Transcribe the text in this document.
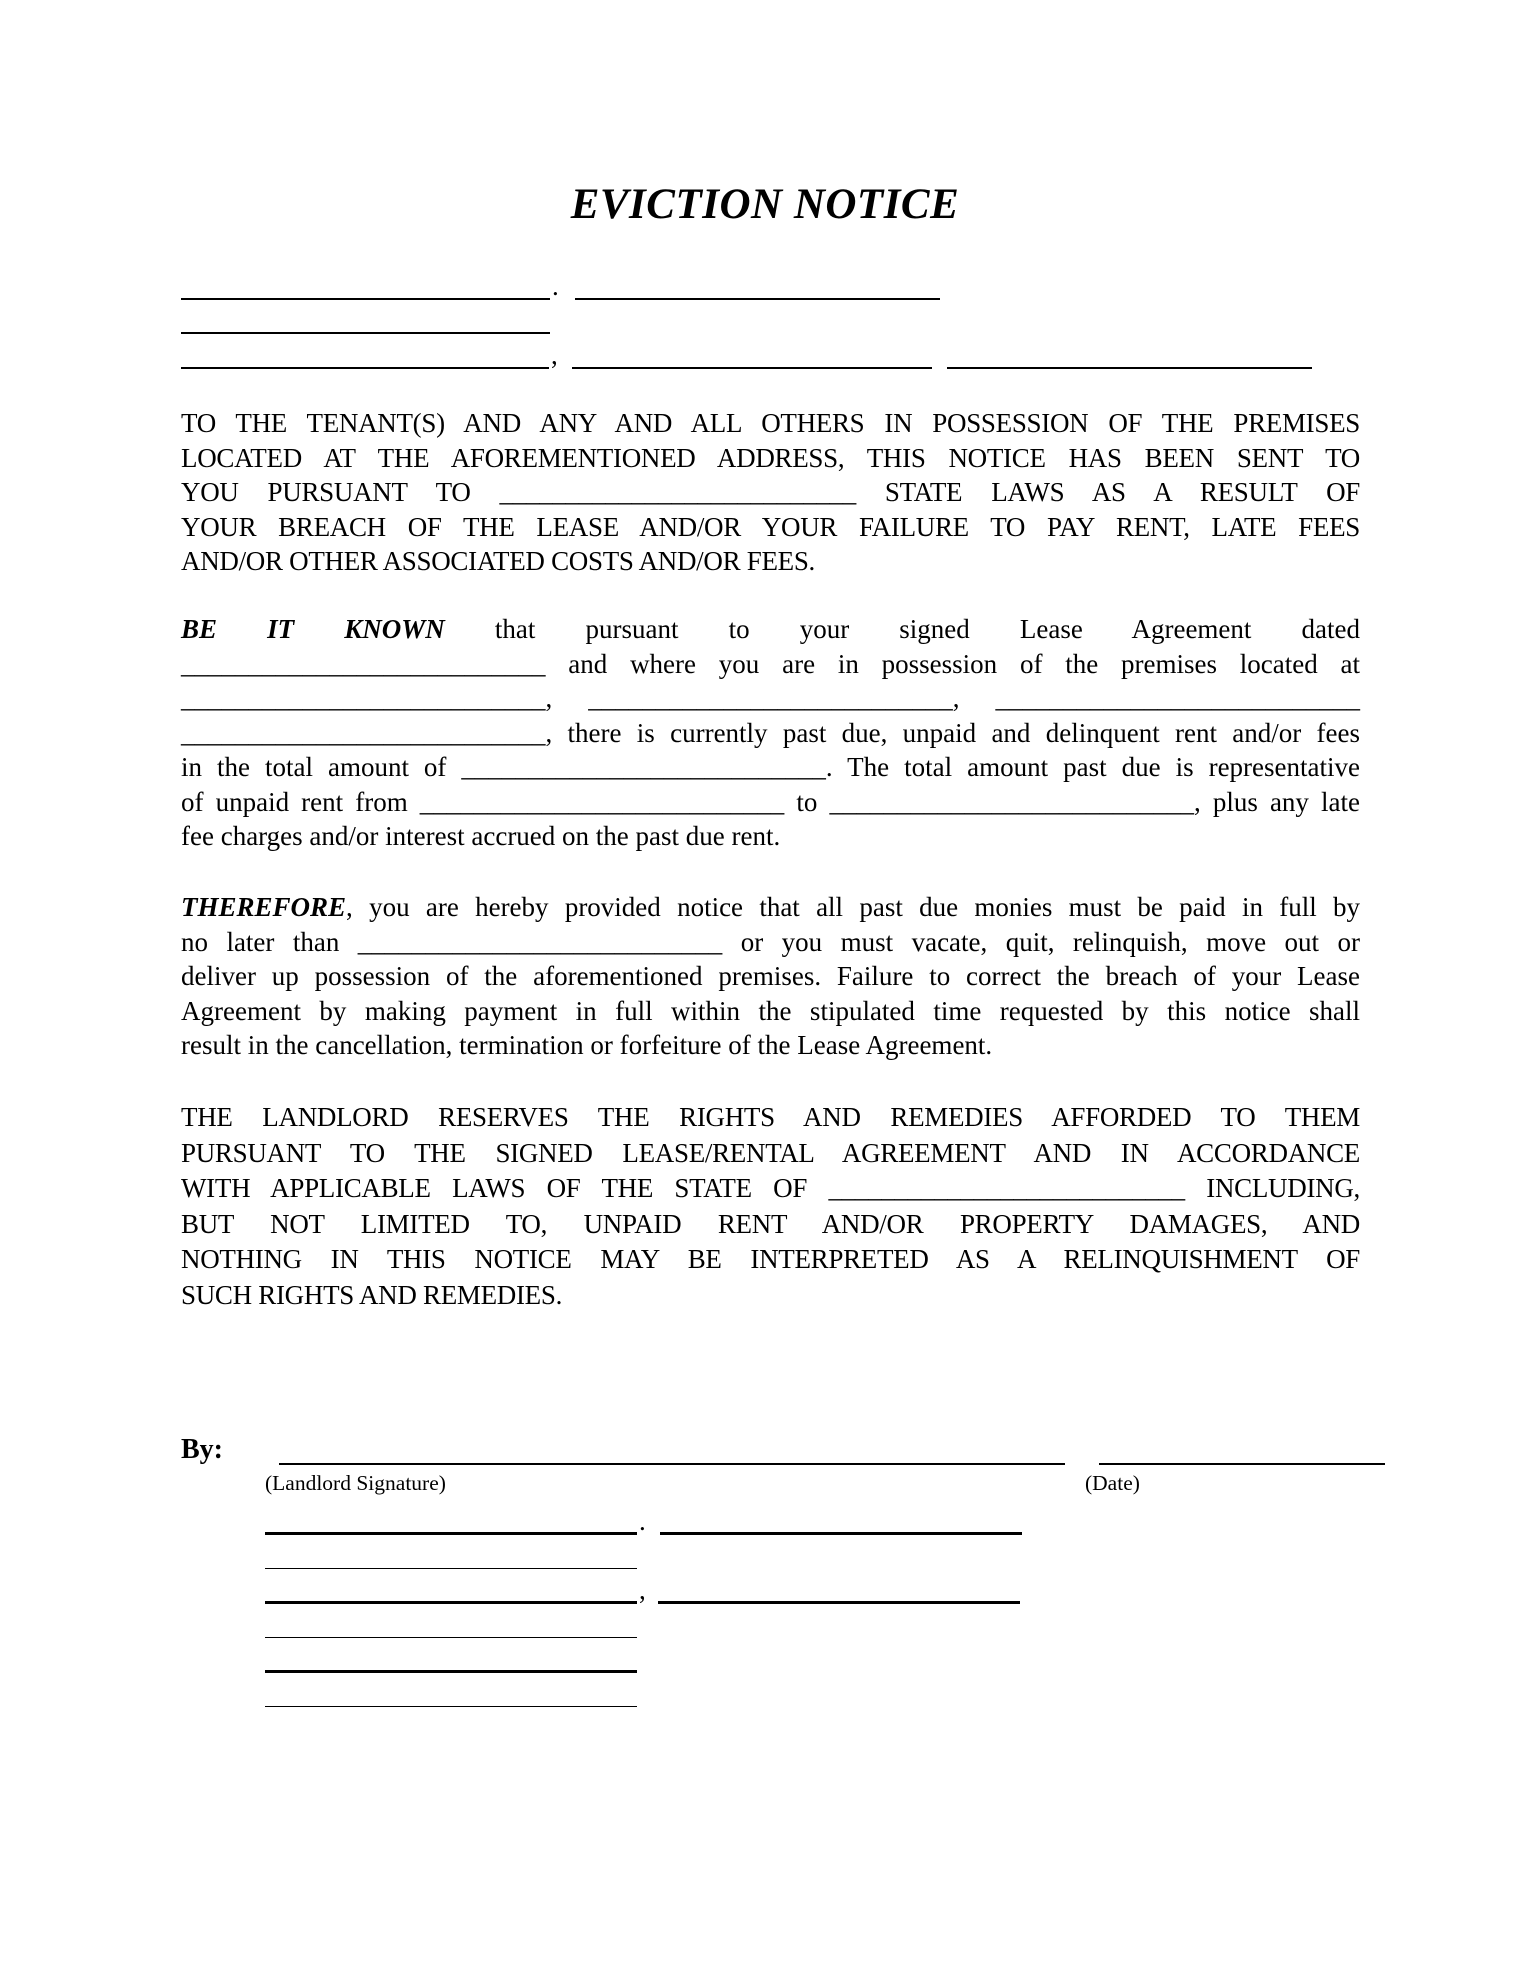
EVICTION NOTICE
.
,
TO THE TENANT(S) AND ANY AND ALL OTHERS IN POSSESSION OF THE PREMISES
LOCATED AT THE AFOREMENTIONED ADDRESS, THIS NOTICE HAS BEEN SENT TO
YOU PURSUANT TO ___________________________ STATE LAWS AS A RESULT OF
YOUR BREACH OF THE LEASE AND/OR YOUR FAILURE TO PAY RENT, LATE FEES
AND/OR OTHER ASSOCIATED COSTS AND/OR FEES.
BE IT KNOWN that pursuant to your signed Lease Agreement dated
___________________________ and where you are in possession of the premises located at
___________________________, ___________________________, ___________________________
___________________________, there is currently past due, unpaid and delinquent rent and/or fees
in the total amount of ___________________________. The total amount past due is representative
of unpaid rent from ___________________________ to ___________________________, plus any late
fee charges and/or interest accrued on the past due rent.
THEREFORE, you are hereby provided notice that all past due monies must be paid in full by
no later than ___________________________ or you must vacate, quit, relinquish, move out or
deliver up possession of the aforementioned premises. Failure to correct the breach of your Lease
Agreement by making payment in full within the stipulated time requested by this notice shall
result in the cancellation, termination or forfeiture of the Lease Agreement.
THE LANDLORD RESERVES THE RIGHTS AND REMEDIES AFFORDED TO THEM
PURSUANT TO THE SIGNED LEASE/RENTAL AGREEMENT AND IN ACCORDANCE
WITH APPLICABLE LAWS OF THE STATE OF ___________________________ INCLUDING,
BUT NOT LIMITED TO, UNPAID RENT AND/OR PROPERTY DAMAGES, AND
NOTHING IN THIS NOTICE MAY BE INTERPRETED AS A RELINQUISHMENT OF
SUCH RIGHTS AND REMEDIES.
By:
(Landlord Signature)	(Date)
.
,
